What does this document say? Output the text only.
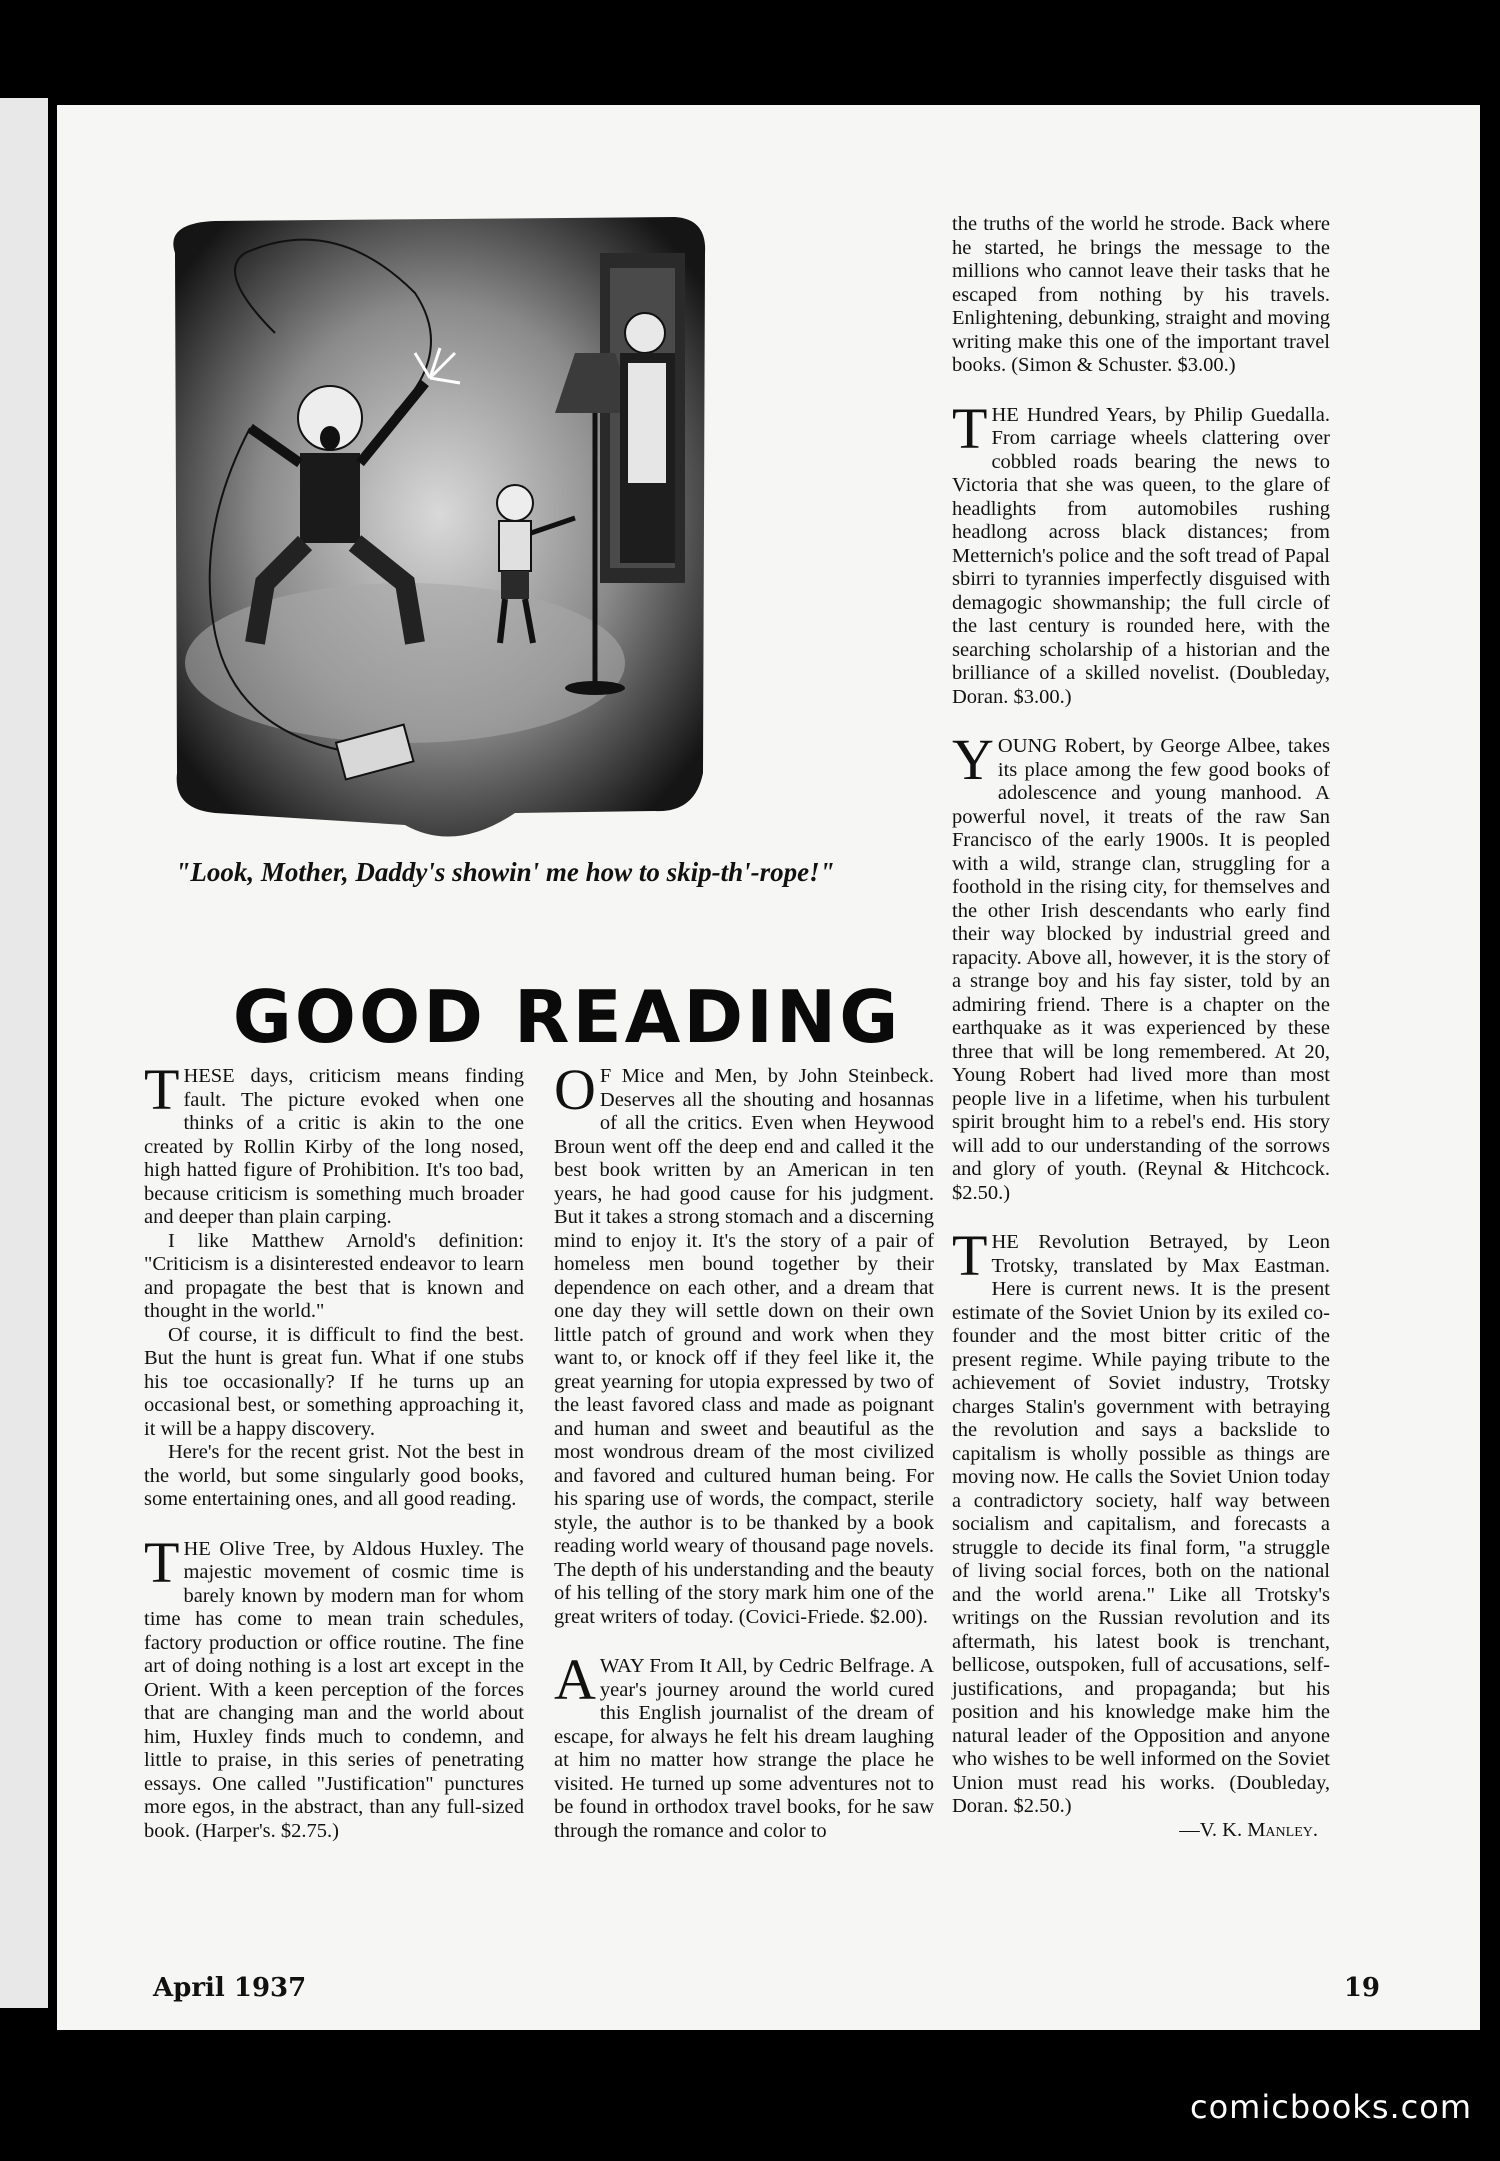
"Look, Mother, Daddy's showin' me how to skip-th'-rope!"
GOOD READING

THESE days, criticism means finding fault. The picture evoked when one thinks of a critic is akin to the one created by Rollin Kirby of the long nosed, high hatted figure of Prohibition. It's too bad, because criticism is something much broader and deeper than plain carping.

I like Matthew Arnold's definition: "Criticism is a disinterested endeavor to learn and propagate the best that is known and thought in the world."

Of course, it is difficult to find the best. But the hunt is great fun. What if one stubs his toe occasionally? If he turns up an occasional best, or something approaching it, it will be a happy discovery.

Here's for the recent grist. Not the best in the world, but some singularly good books, some entertaining ones, and all good reading.

THE Olive Tree, by Aldous Huxley. The majestic movement of cosmic time is barely known by modern man for whom time has come to mean train schedules, factory production or office routine. The fine art of doing nothing is a lost art except in the Orient. With a keen perception of the forces that are changing man and the world about him, Huxley finds much to condemn, and little to praise, in this series of penetrating essays. One called "Justification" punctures more egos, in the abstract, than any full-sized book. (Harper's. $2.75.)

O F Mice and Men, by John Steinbeck. Deserves all the shouting and hosannas of all the critics. Even when Heywood Broun went off the deep end and called it the best book written by an American in ten years, he had good cause for his judgment. But it takes a strong stomach and a discerning mind to enjoy it. It's the story of a pair of homeless men bound together by their dependence on each other, and a dream that one day they will settle down on their own little patch of ground and work when they want to, or knock off if they feel like it, the great yearning for utopia expressed by two of the least favored class and made as poignant and human and sweet and beautiful as the most wondrous dream of the most civilized and favored and cultured human being. For his sparing use of words, the compact, sterile style, the author is to be thanked by a book reading world weary of thousand page novels. The depth of his understanding and the beauty of his telling of the story mark him one of the great writers of today. (Covici-Friede. $2.00).

AWAY From It All, by Cedric Belfrage. A year's journey around the world cured this English journalist of the dream of escape, for always he felt his dream laughing at him no matter how strange the place he visited. He turned up some adventures not to be found in orthodox travel books, for he saw through the romance and color to

the truths of the world he strode. Back where he started, he brings the message to the millions who cannot leave their tasks that he escaped from nothing by his travels. Enlightening, debunking, straight and moving writing make this one of the important travel books. (Simon & Schuster. $3.00.)

THE Hundred Years, by Philip Guedalla. From carriage wheels clattering over cobbled roads bearing the news to Victoria that she was queen, to the glare of headlights from automobiles rushing headlong across black distances; from Metternich's police and the soft tread of Papal sbirri to tyrannies imperfectly disguised with demagogic showmanship; the full circle of the last century is rounded here, with the searching scholarship of a historian and the brilliance of a skilled novelist. (Doubleday, Doran. $3.00.)

YOUNG Robert, by George Albee, takes its place among the few good books of adolescence and young manhood. A powerful novel, it treats of the raw San Francisco of the early 1900s. It is peopled with a wild, strange clan, struggling for a foothold in the rising city, for themselves and the other Irish descendants who early find their way blocked by industrial greed and rapacity. Above all, however, it is the story of a strange boy and his fay sister, told by an admiring friend. There is a chapter on the earthquake as it was experienced by these three that will be long remembered. At 20, Young Robert had lived more than most people live in a lifetime, when his turbulent spirit brought him to a rebel's end. His story will add to our understanding of the sorrows and glory of youth. (Reynal & Hitchcock. $2.50.)

THE Revolution Betrayed, by Leon Trotsky, translated by Max Eastman. Here is current news. It is the present estimate of the Soviet Union by its exiled co-founder and the most bitter critic of the present regime. While paying tribute to the achievement of Soviet industry, Trotsky charges Stalin's government with betraying the revolution and says a backslide to capitalism is wholly possible as things are moving now. He calls the Soviet Union today a contradictory society, half way between socialism and capitalism, and forecasts a struggle to decide its final form, "a struggle of living social forces, both on the national and the world arena." Like all Trotsky's writings on the Russian revolution and its aftermath, his latest book is trenchant, bellicose, outspoken, full of accusations, self-justifications, and propaganda; but his position and his knowledge make him the natural leader of the Opposition and anyone who wishes to be well informed on the Soviet Union must read his works. (Doubleday, Doran. $2.50.)

—V. K. Manley.

April 1937	19
comicbooks.com
